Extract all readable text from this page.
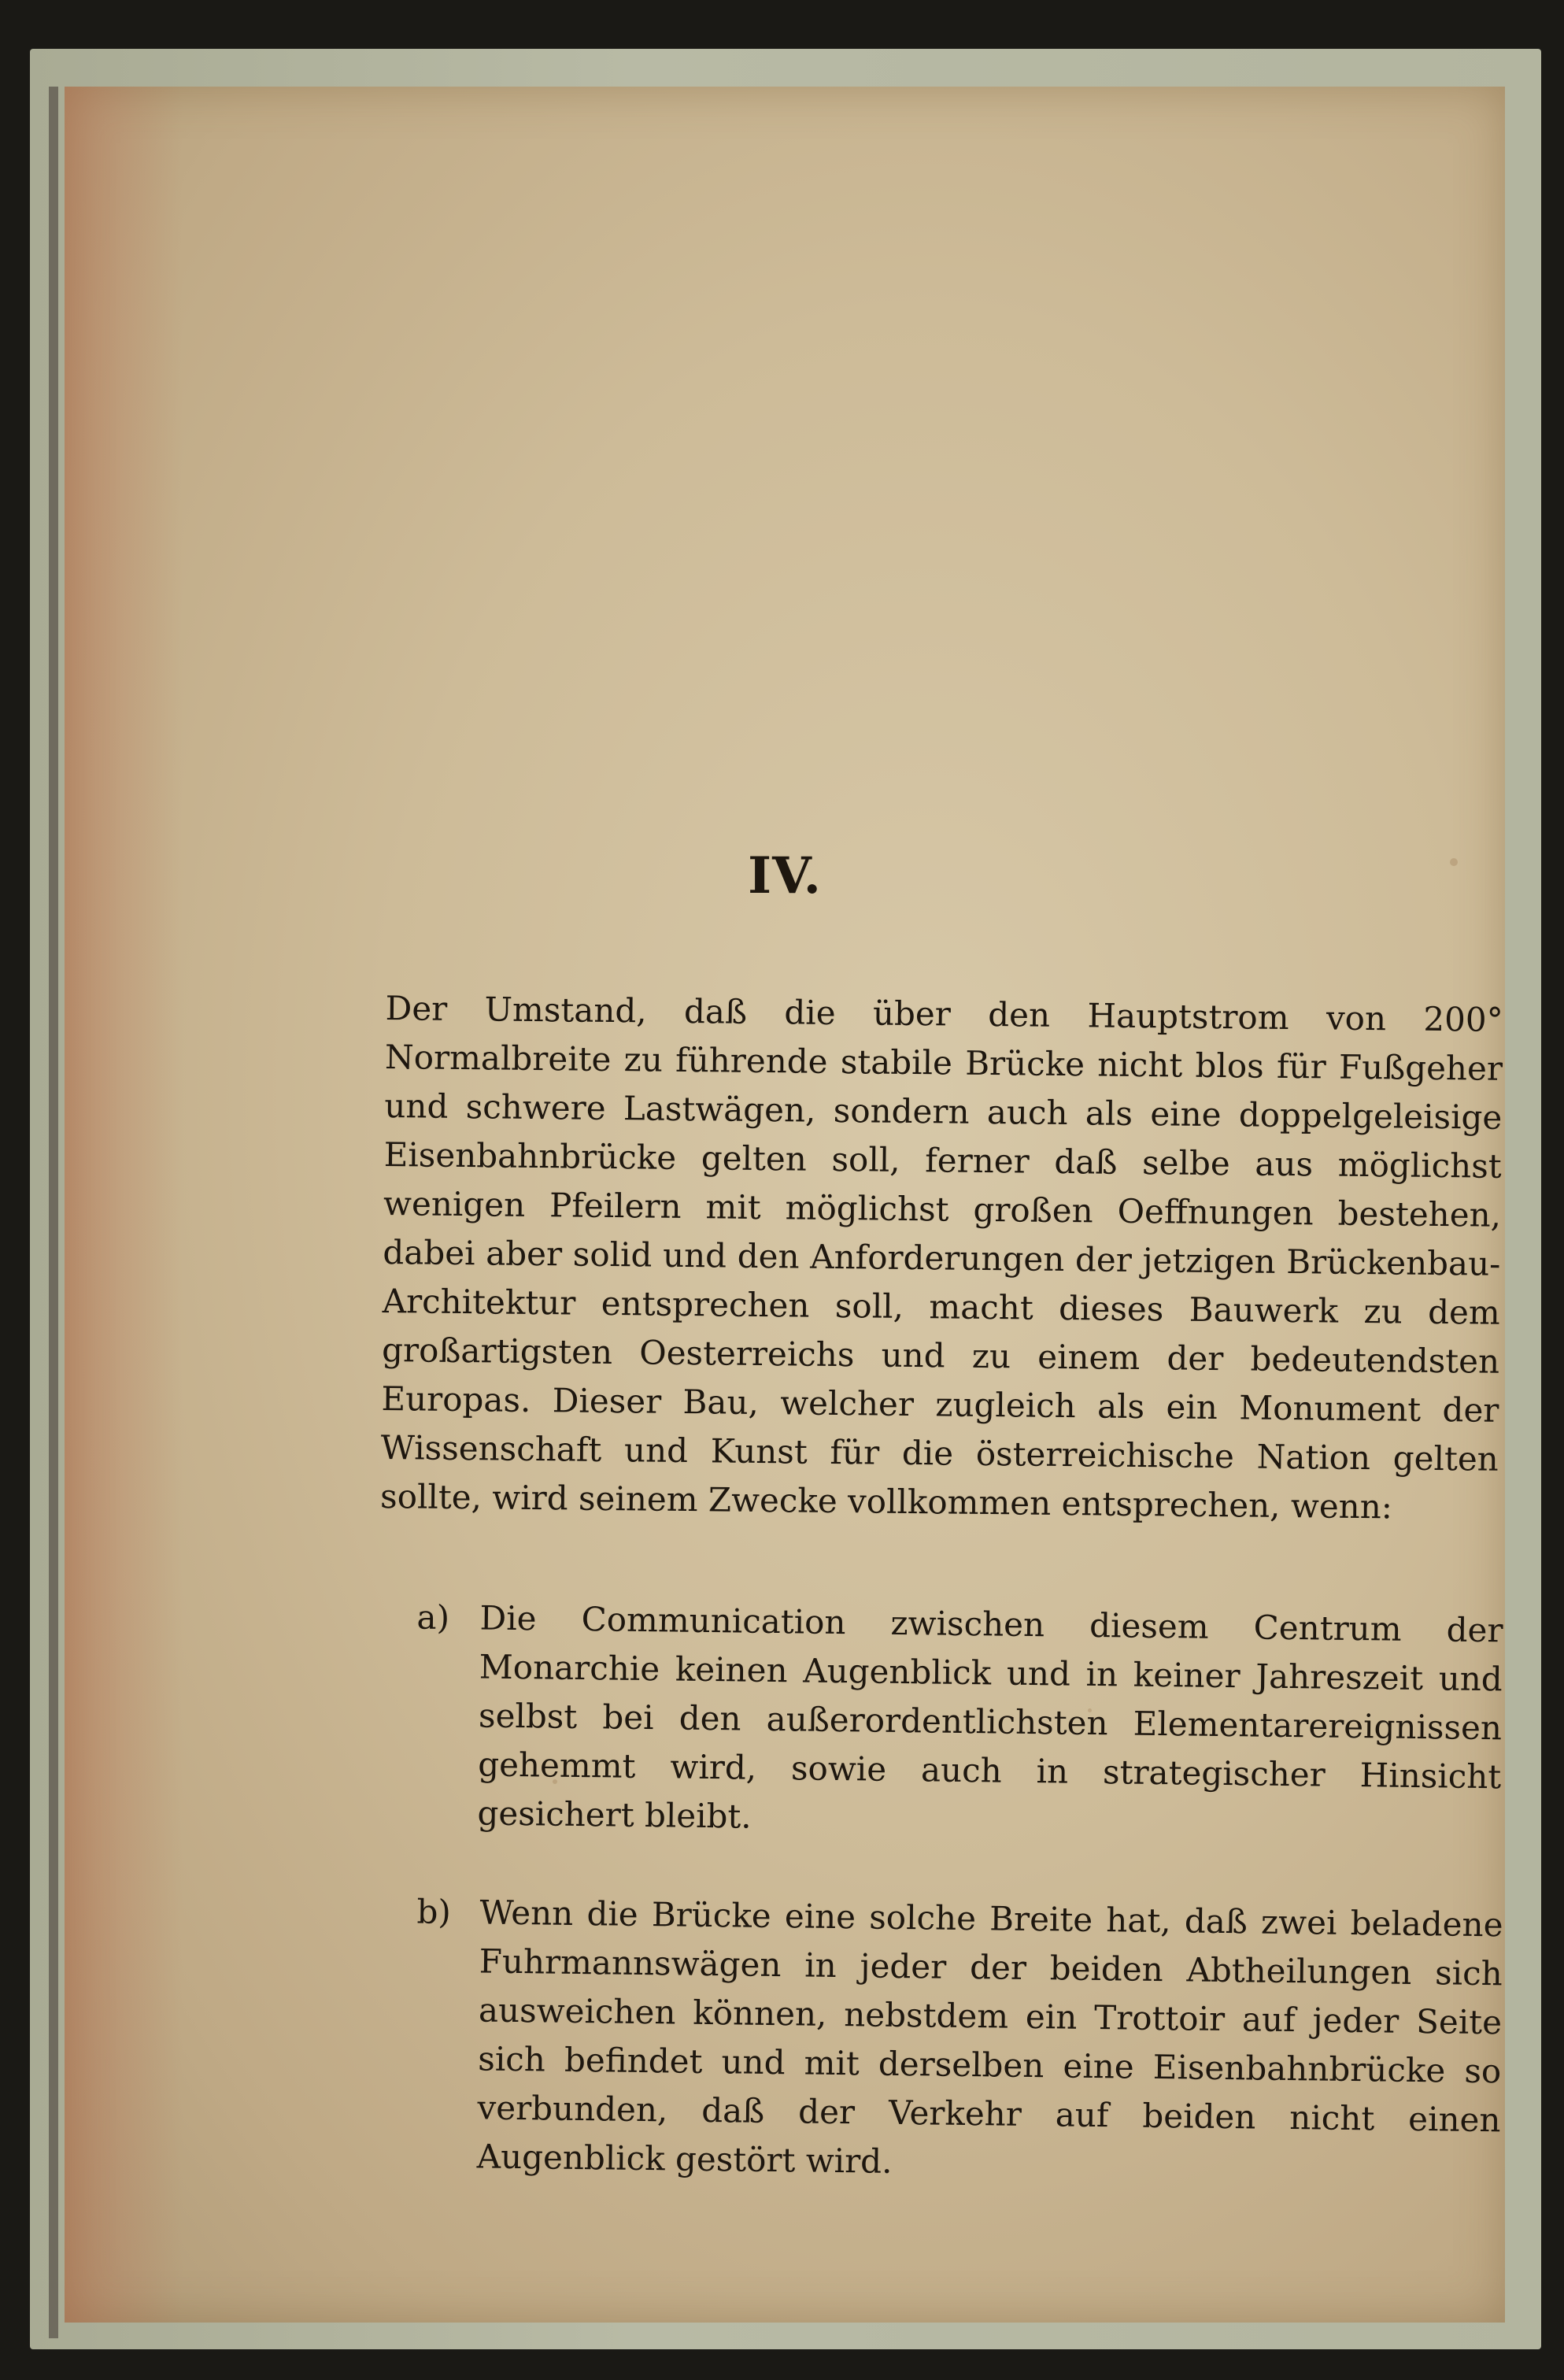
IV.

Der Umstand, daß die über den Hauptstrom von 200° Normalbreite zu führende stabile Brücke nicht blos für Fußgeher und schwere Lastwägen, sondern auch als eine doppelgeleisige Eisenbahnbrücke gelten soll, ferner daß selbe aus möglichst wenigen Pfeilern mit möglichst großen Oeffnungen bestehen, dabei aber solid und den Anforderungen der jetzigen Brückenbau-Architektur entsprechen soll, macht dieses Bauwerk zu dem großartigsten Oesterreichs und zu einem der bedeutendsten Europas. Dieser Bau, welcher zugleich als ein Monument der Wissenschaft und Kunst für die österreichische Nation gelten sollte, wird seinem Zwecke vollkommen entsprechen, wenn:

a) Die Communication zwischen diesem Centrum der Monarchie keinen Augenblick und in keiner Jahreszeit und selbst bei den außerordentlichsten Elementarereignissen gehemmt wird, sowie auch in strategischer Hinsicht gesichert bleibt.

b) Wenn die Brücke eine solche Breite hat, daß zwei beladene Fuhrmannswägen in jeder der beiden Abtheilungen sich ausweichen können, nebstdem ein Trottoir auf jeder Seite sich befindet und mit derselben eine Eisenbahnbrücke so verbunden, daß der Verkehr auf beiden nicht einen Augenblick gestört wird.
